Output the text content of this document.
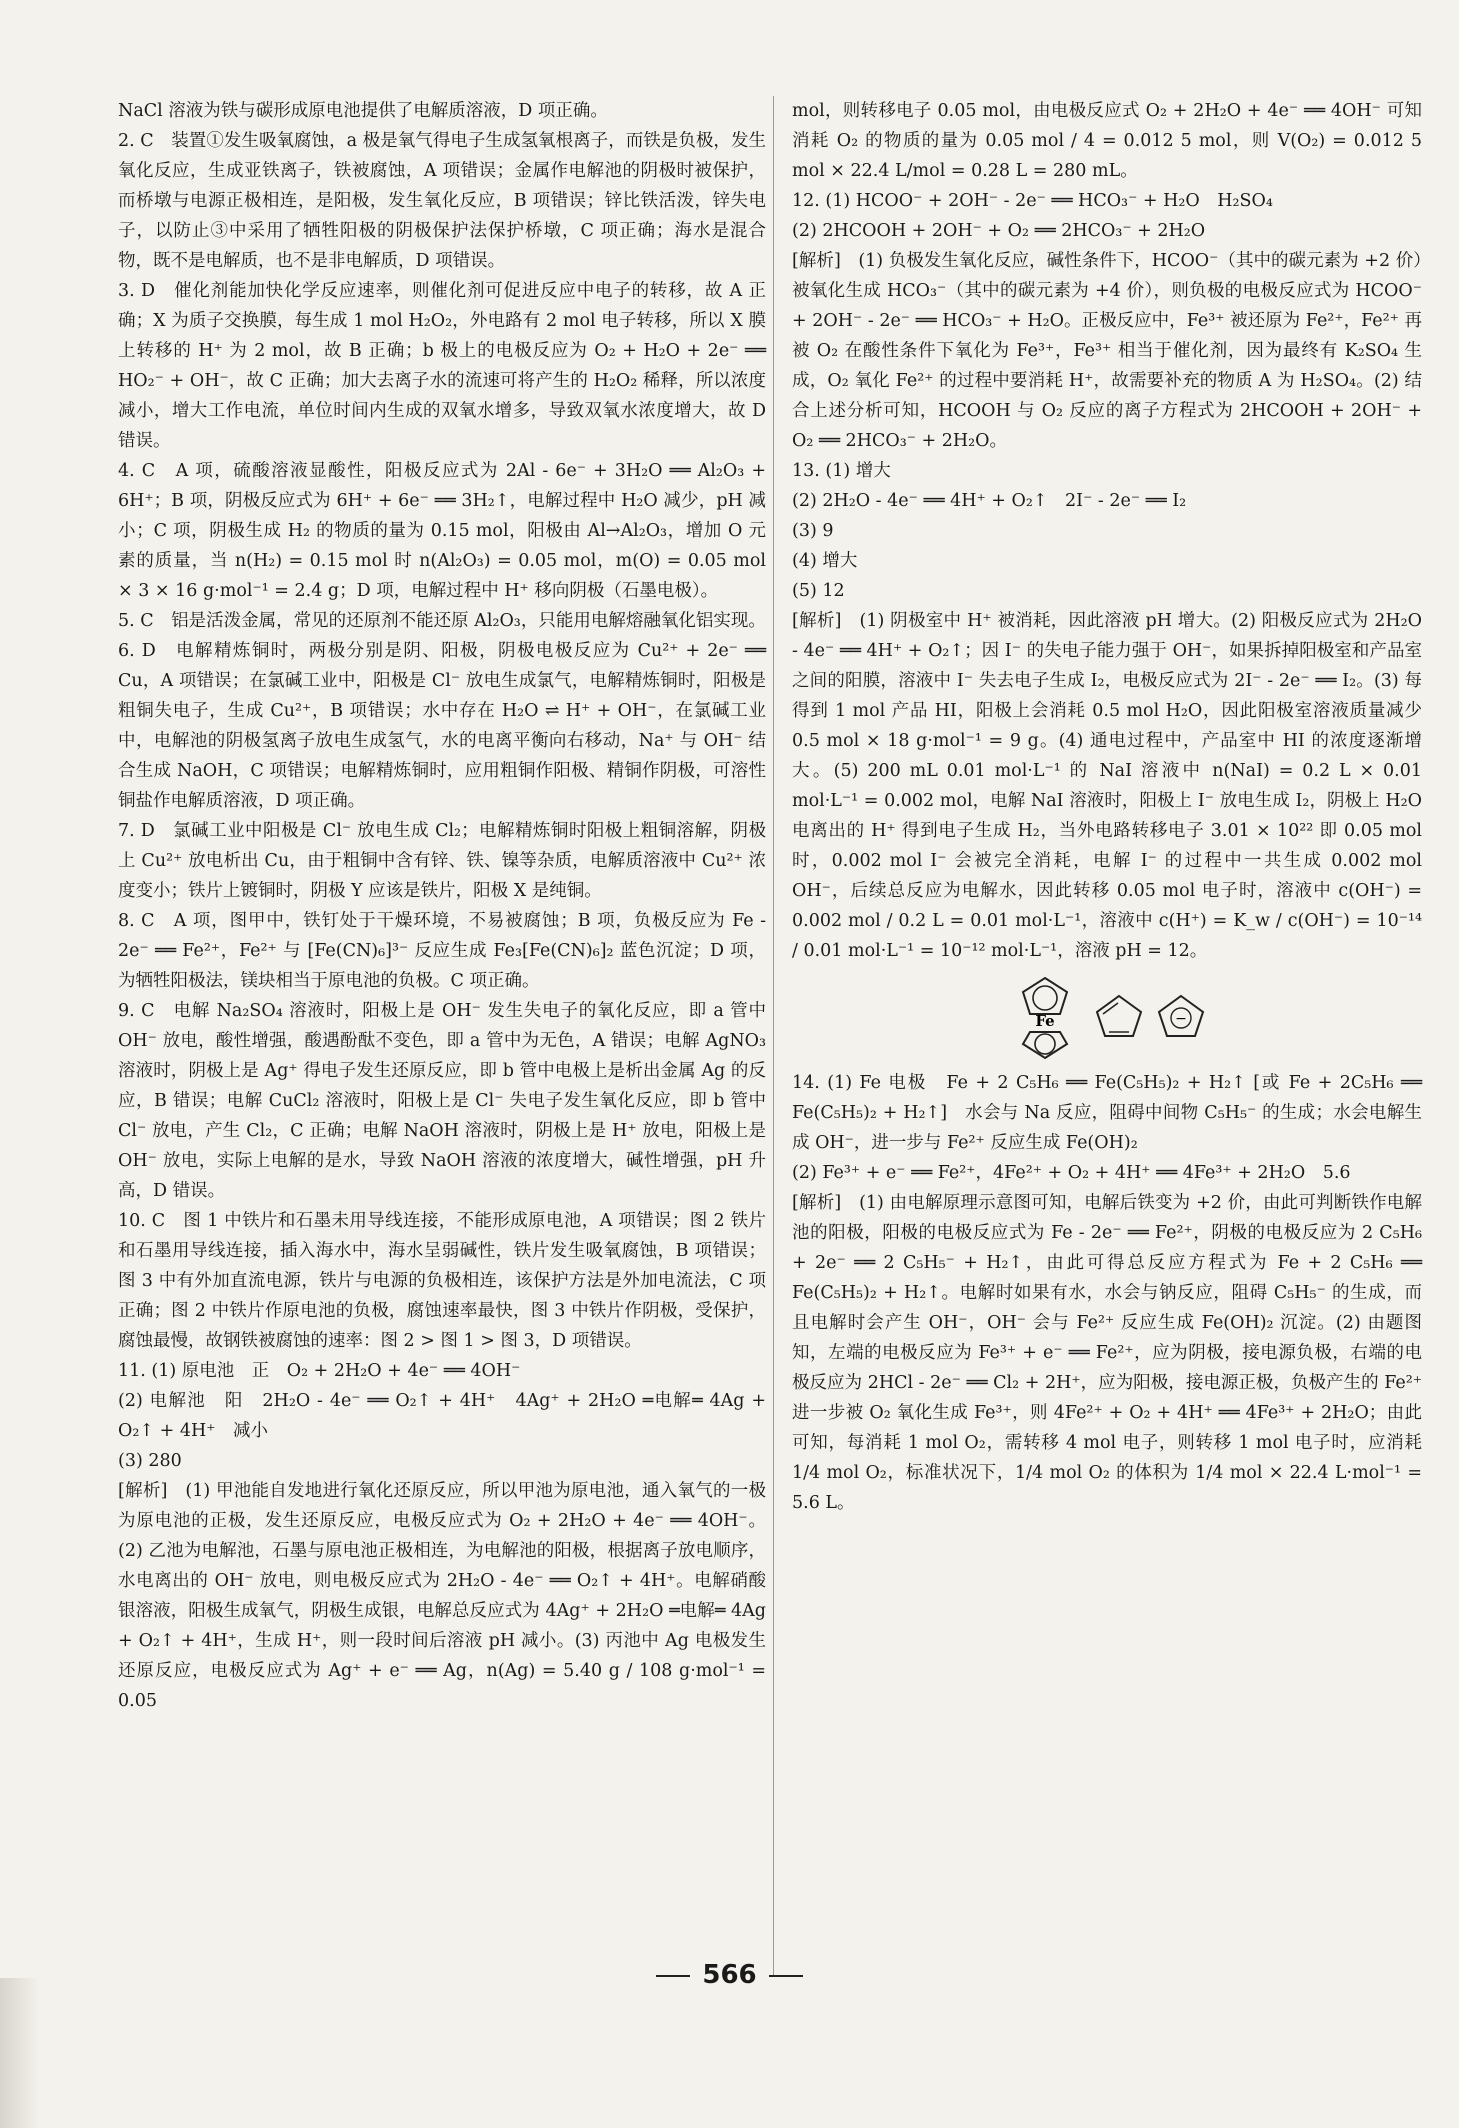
NaCl 溶液为铁与碳形成原电池提供了电解质溶液，D 项正确。

2. C　装置①发生吸氧腐蚀，a 极是氧气得电子生成氢氧根离子，而铁是负极，发生氧化反应，生成亚铁离子，铁被腐蚀，A 项错误；金属作电解池的阴极时被保护，而桥墩与电源正极相连，是阳极，发生氧化反应，B 项错误；锌比铁活泼，锌失电子，以防止③中采用了牺牲阳极的阴极保护法保护桥墩，C 项正确；海水是混合物，既不是电解质，也不是非电解质，D 项错误。

3. D　催化剂能加快化学反应速率，则催化剂可促进反应中电子的转移，故 A 正确；X 为质子交换膜，每生成 1 mol H₂O₂，外电路有 2 mol 电子转移，所以 X 膜上转移的 H⁺ 为 2 mol，故 B 正确；b 极上的电极反应为 O₂ + H₂O + 2e⁻ ══ HO₂⁻ + OH⁻，故 C 正确；加大去离子水的流速可将产生的 H₂O₂ 稀释，所以浓度减小，增大工作电流，单位时间内生成的双氧水增多，导致双氧水浓度增大，故 D 错误。

4. C　A 项，硫酸溶液显酸性，阳极反应式为 2Al - 6e⁻ + 3H₂O ══ Al₂O₃ + 6H⁺；B 项，阴极反应式为 6H⁺ + 6e⁻ ══ 3H₂↑，电解过程中 H₂O 减少，pH 减小；C 项，阴极生成 H₂ 的物质的量为 0.15 mol，阳极由 Al→Al₂O₃，增加 O 元素的质量，当 n(H₂) = 0.15 mol 时 n(Al₂O₃) = 0.05 mol，m(O) = 0.05 mol × 3 × 16 g·mol⁻¹ = 2.4 g；D 项，电解过程中 H⁺ 移向阴极（石墨电极）。

5. C　铝是活泼金属，常见的还原剂不能还原 Al₂O₃，只能用电解熔融氧化铝实现。

6. D　电解精炼铜时，两极分别是阴、阳极，阴极电极反应为 Cu²⁺ + 2e⁻ ══ Cu，A 项错误；在氯碱工业中，阳极是 Cl⁻ 放电生成氯气，电解精炼铜时，阳极是粗铜失电子，生成 Cu²⁺，B 项错误；水中存在 H₂O ⇌ H⁺ + OH⁻，在氯碱工业中，电解池的阴极氢离子放电生成氢气，水的电离平衡向右移动，Na⁺ 与 OH⁻ 结合生成 NaOH，C 项错误；电解精炼铜时，应用粗铜作阳极、精铜作阴极，可溶性铜盐作电解质溶液，D 项正确。

7. D　氯碱工业中阳极是 Cl⁻ 放电生成 Cl₂；电解精炼铜时阳极上粗铜溶解，阴极上 Cu²⁺ 放电析出 Cu，由于粗铜中含有锌、铁、镍等杂质，电解质溶液中 Cu²⁺ 浓度变小；铁片上镀铜时，阴极 Y 应该是铁片，阳极 X 是纯铜。

8. C　A 项，图甲中，铁钉处于干燥环境，不易被腐蚀；B 项，负极反应为 Fe - 2e⁻ ══ Fe²⁺，Fe²⁺ 与 [Fe(CN)₆]³⁻ 反应生成 Fe₃[Fe(CN)₆]₂ 蓝色沉淀；D 项，为牺牲阳极法，镁块相当于原电池的负极。C 项正确。

9. C　电解 Na₂SO₄ 溶液时，阳极上是 OH⁻ 发生失电子的氧化反应，即 a 管中 OH⁻ 放电，酸性增强，酸遇酚酞不变色，即 a 管中为无色，A 错误；电解 AgNO₃ 溶液时，阴极上是 Ag⁺ 得电子发生还原反应，即 b 管中电极上是析出金属 Ag 的反应，B 错误；电解 CuCl₂ 溶液时，阳极上是 Cl⁻ 失电子发生氧化反应，即 b 管中 Cl⁻ 放电，产生 Cl₂，C 正确；电解 NaOH 溶液时，阴极上是 H⁺ 放电，阳极上是 OH⁻ 放电，实际上电解的是水，导致 NaOH 溶液的浓度增大，碱性增强，pH 升高，D 错误。

10. C　图 1 中铁片和石墨未用导线连接，不能形成原电池，A 项错误；图 2 铁片和石墨用导线连接，插入海水中，海水呈弱碱性，铁片发生吸氧腐蚀，B 项错误；图 3 中有外加直流电源，铁片与电源的负极相连，该保护方法是外加电流法，C 项正确；图 2 中铁片作原电池的负极，腐蚀速率最快，图 3 中铁片作阴极，受保护，腐蚀最慢，故钢铁被腐蚀的速率：图 2 > 图 1 > 图 3，D 项错误。

11. (1) 原电池　正　O₂ + 2H₂O + 4e⁻ ══ 4OH⁻

(2) 电解池　阳　2H₂O - 4e⁻ ══ O₂↑ + 4H⁺　4Ag⁺ + 2H₂O ═电解═ 4Ag + O₂↑ + 4H⁺　减小

(3) 280

[解析]　(1) 甲池能自发地进行氧化还原反应，所以甲池为原电池，通入氧气的一极为原电池的正极，发生还原反应，电极反应式为 O₂ + 2H₂O + 4e⁻ ══ 4OH⁻。(2) 乙池为电解池，石墨与原电池正极相连，为电解池的阳极，根据离子放电顺序，水电离出的 OH⁻ 放电，则电极反应式为 2H₂O - 4e⁻ ══ O₂↑ + 4H⁺。电解硝酸银溶液，阳极生成氧气，阴极生成银，电解总反应式为 4Ag⁺ + 2H₂O ═电解═ 4Ag + O₂↑ + 4H⁺，生成 H⁺，则一段时间后溶液 pH 减小。(3) 丙池中 Ag 电极发生还原反应，电极反应式为 Ag⁺ + e⁻ ══ Ag，n(Ag) = 5.40 g / 108 g·mol⁻¹ = 0.05

mol，则转移电子 0.05 mol，由电极反应式 O₂ + 2H₂O + 4e⁻ ══ 4OH⁻ 可知消耗 O₂ 的物质的量为 0.05 mol / 4 = 0.012 5 mol，则 V(O₂) = 0.012 5 mol × 22.4 L/mol = 0.28 L = 280 mL。

12. (1) HCOO⁻ + 2OH⁻ - 2e⁻ ══ HCO₃⁻ + H₂O　H₂SO₄

(2) 2HCOOH + 2OH⁻ + O₂ ══ 2HCO₃⁻ + 2H₂O

[解析]　(1) 负极发生氧化反应，碱性条件下，HCOO⁻（其中的碳元素为 +2 价）被氧化生成 HCO₃⁻（其中的碳元素为 +4 价），则负极的电极反应式为 HCOO⁻ + 2OH⁻ - 2e⁻ ══ HCO₃⁻ + H₂O。正极反应中，Fe³⁺ 被还原为 Fe²⁺，Fe²⁺ 再被 O₂ 在酸性条件下氧化为 Fe³⁺，Fe³⁺ 相当于催化剂，因为最终有 K₂SO₄ 生成，O₂ 氧化 Fe²⁺ 的过程中要消耗 H⁺，故需要补充的物质 A 为 H₂SO₄。(2) 结合上述分析可知，HCOOH 与 O₂ 反应的离子方程式为 2HCOOH + 2OH⁻ + O₂ ══ 2HCO₃⁻ + 2H₂O。

13. (1) 增大

(2) 2H₂O - 4e⁻ ══ 4H⁺ + O₂↑　2I⁻ - 2e⁻ ══ I₂

(3) 9

(4) 增大

(5) 12

[解析]　(1) 阴极室中 H⁺ 被消耗，因此溶液 pH 增大。(2) 阳极反应式为 2H₂O - 4e⁻ ══ 4H⁺ + O₂↑；因 I⁻ 的失电子能力强于 OH⁻，如果拆掉阳极室和产品室之间的阳膜，溶液中 I⁻ 失去电子生成 I₂，电极反应式为 2I⁻ - 2e⁻ ══ I₂。(3) 每得到 1 mol 产品 HI，阳极上会消耗 0.5 mol H₂O，因此阳极室溶液质量减少 0.5 mol × 18 g·mol⁻¹ = 9 g。(4) 通电过程中，产品室中 HI 的浓度逐渐增大。(5) 200 mL 0.01 mol·L⁻¹ 的 NaI 溶液中 n(NaI) = 0.2 L × 0.01 mol·L⁻¹ = 0.002 mol，电解 NaI 溶液时，阳极上 I⁻ 放电生成 I₂，阴极上 H₂O 电离出的 H⁺ 得到电子生成 H₂，当外电路转移电子 3.01 × 10²² 即 0.05 mol 时，0.002 mol I⁻ 会被完全消耗，电解 I⁻ 的过程中一共生成 0.002 mol OH⁻，后续总反应为电解水，因此转移 0.05 mol 电子时，溶液中 c(OH⁻) = 0.002 mol / 0.2 L = 0.01 mol·L⁻¹，溶液中 c(H⁺) = K_w / c(OH⁻) = 10⁻¹⁴ / 0.01 mol·L⁻¹ = 10⁻¹² mol·L⁻¹，溶液 pH = 12。

Fe
	−

14. (1) Fe 电极　Fe + 2 C₅H₆ ══ Fe(C₅H₅)₂ + H₂↑ [或 Fe + 2C₅H₆ ══ Fe(C₅H₅)₂ + H₂↑]　水会与 Na 反应，阻碍中间物 C₅H₅⁻ 的生成；水会电解生成 OH⁻，进一步与 Fe²⁺ 反应生成 Fe(OH)₂

(2) Fe³⁺ + e⁻ ══ Fe²⁺，4Fe²⁺ + O₂ + 4H⁺ ══ 4Fe³⁺ + 2H₂O　5.6

[解析]　(1) 由电解原理示意图可知，电解后铁变为 +2 价，由此可判断铁作电解池的阳极，阳极的电极反应式为 Fe - 2e⁻ ══ Fe²⁺，阴极的电极反应为 2 C₅H₆ + 2e⁻ ══ 2 C₅H₅⁻ + H₂↑，由此可得总反应方程式为 Fe + 2 C₅H₆ ══ Fe(C₅H₅)₂ + H₂↑。电解时如果有水，水会与钠反应，阻碍 C₅H₅⁻ 的生成，而且电解时会产生 OH⁻，OH⁻ 会与 Fe²⁺ 反应生成 Fe(OH)₂ 沉淀。(2) 由题图知，左端的电极反应为 Fe³⁺ + e⁻ ══ Fe²⁺，应为阴极，接电源负极，右端的电极反应为 2HCl - 2e⁻ ══ Cl₂ + 2H⁺，应为阳极，接电源正极，负极产生的 Fe²⁺ 进一步被 O₂ 氧化生成 Fe³⁺，则 4Fe²⁺ + O₂ + 4H⁺ ══ 4Fe³⁺ + 2H₂O；由此可知，每消耗 1 mol O₂，需转移 4 mol 电子，则转移 1 mol 电子时，应消耗 1/4 mol O₂，标准状况下，1/4 mol O₂ 的体积为 1/4 mol × 22.4 L·mol⁻¹ = 5.6 L。

566
